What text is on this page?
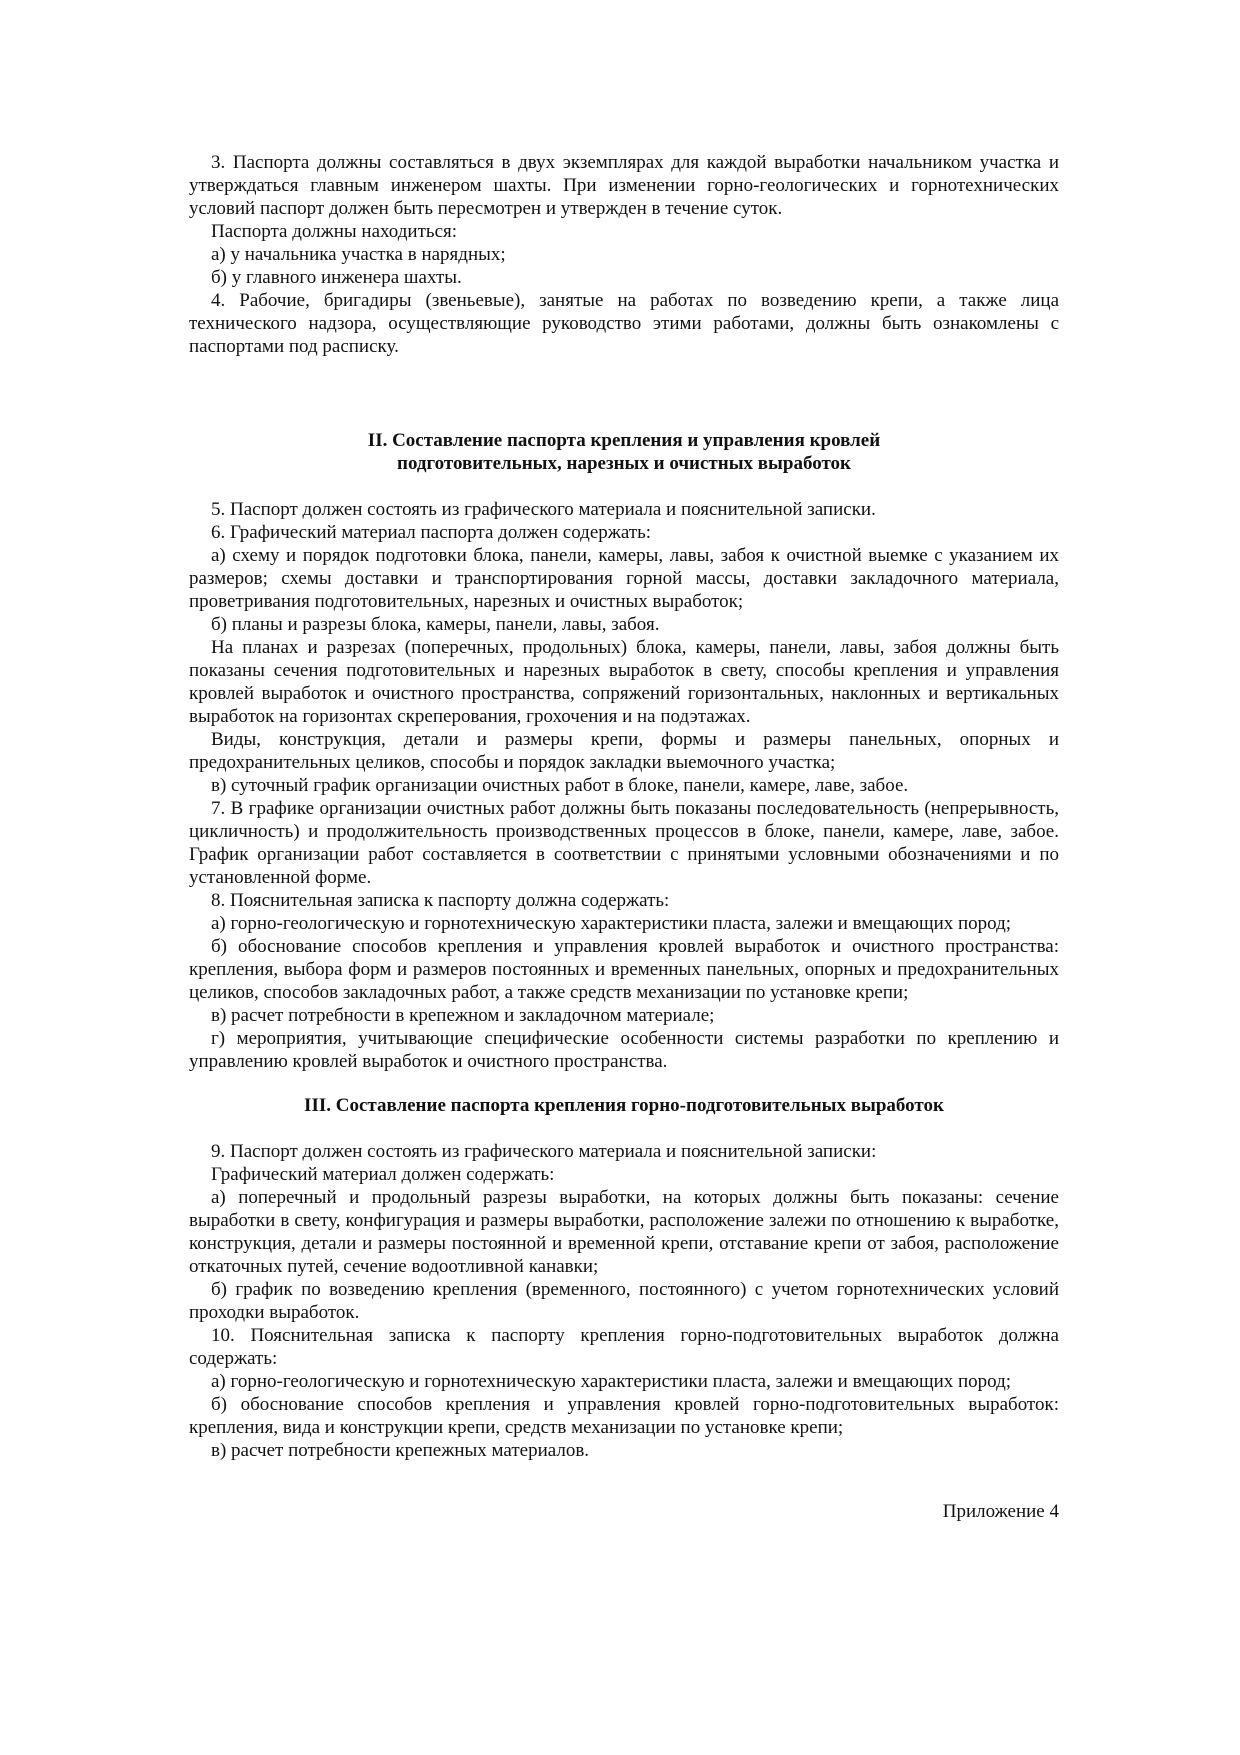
3. Паспорта должны составляться в двух экземплярах для каждой выработки начальником участка и утверждаться главным инженером шахты. При изменении горно-геологических и горнотехнических условий паспорт должен быть пересмотрен и утвержден в течение суток.

Паспорта должны находиться:

а) у начальника участка в нарядных;

б) у главного инженера шахты.

4. Рабочие, бригадиры (звеньевые), занятые на работах по возведению крепи, а также лица технического надзора, осуществляющие руководство этими работами, должны быть ознакомлены с паспортами под расписку.

II. Составление паспорта крепления и управления кровлей

подготовительных, нарезных и очистных выработок

5. Паспорт должен состоять из графического материала и пояснительной записки.

6. Графический материал паспорта должен содержать:

а) схему и порядок подготовки блока, панели, камеры, лавы, забоя к очистной выемке с указанием их размеров; схемы доставки и транспортирования горной массы, доставки закладочного материала, проветривания подготовительных, нарезных и очистных выработок;

б) планы и разрезы блока, камеры, панели, лавы, забоя.

На планах и разрезах (поперечных, продольных) блока, камеры, панели, лавы, забоя должны быть показаны сечения подготовительных и нарезных выработок в свету, способы крепления и управления кровлей выработок и очистного пространства, сопряжений горизонтальных, наклонных и вертикальных выработок на горизонтах скреперования, грохочения и на подэтажах.

Виды, конструкция, детали и размеры крепи, формы и размеры панельных, опорных и предохранительных целиков, способы и порядок закладки выемочного участка;

в) суточный график организации очистных работ в блоке, панели, камере, лаве, забое.

7. В графике организации очистных работ должны быть показаны последовательность (непрерывность, цикличность) и продолжительность производственных процессов в блоке, панели, камере, лаве, забое. График организации работ составляется в соответствии с принятыми условными обозначениями и по установленной форме.

8. Пояснительная записка к паспорту должна содержать:

а) горно-геологическую и горнотехническую характеристики пласта, залежи и вмещающих пород;

б) обоснование способов крепления и управления кровлей выработок и очистного пространства: крепления, выбора форм и размеров постоянных и временных панельных, опорных и предохранительных целиков, способов закладочных работ, а также средств механизации по установке крепи;

в) расчет потребности в крепежном и закладочном материале;

г) мероприятия, учитывающие специфические особенности системы разработки по креплению и управлению кровлей выработок и очистного пространства.

III. Составление паспорта крепления горно-подготовительных выработок

9. Паспорт должен состоять из графического материала и пояснительной записки:

Графический материал должен содержать:

а) поперечный и продольный разрезы выработки, на которых должны быть показаны: сечение выработки в свету, конфигурация и размеры выработки, расположение залежи по отношению к выработке, конструкция, детали и размеры постоянной и временной крепи, отставание крепи от забоя, расположение откаточных путей, сечение водоотливной канавки;

б) график по возведению крепления (временного, постоянного) с учетом горнотехнических условий проходки выработок.

10. Пояснительная записка к паспорту крепления горно-подготовительных выработок должна содержать:

а) горно-геологическую и горнотехническую характеристики пласта, залежи и вмещающих пород;

б) обоснование способов крепления и управления кровлей горно-подготовительных выработок: крепления, вида и конструкции крепи, средств механизации по установке крепи;

в) расчет потребности крепежных материалов.

Приложение 4
